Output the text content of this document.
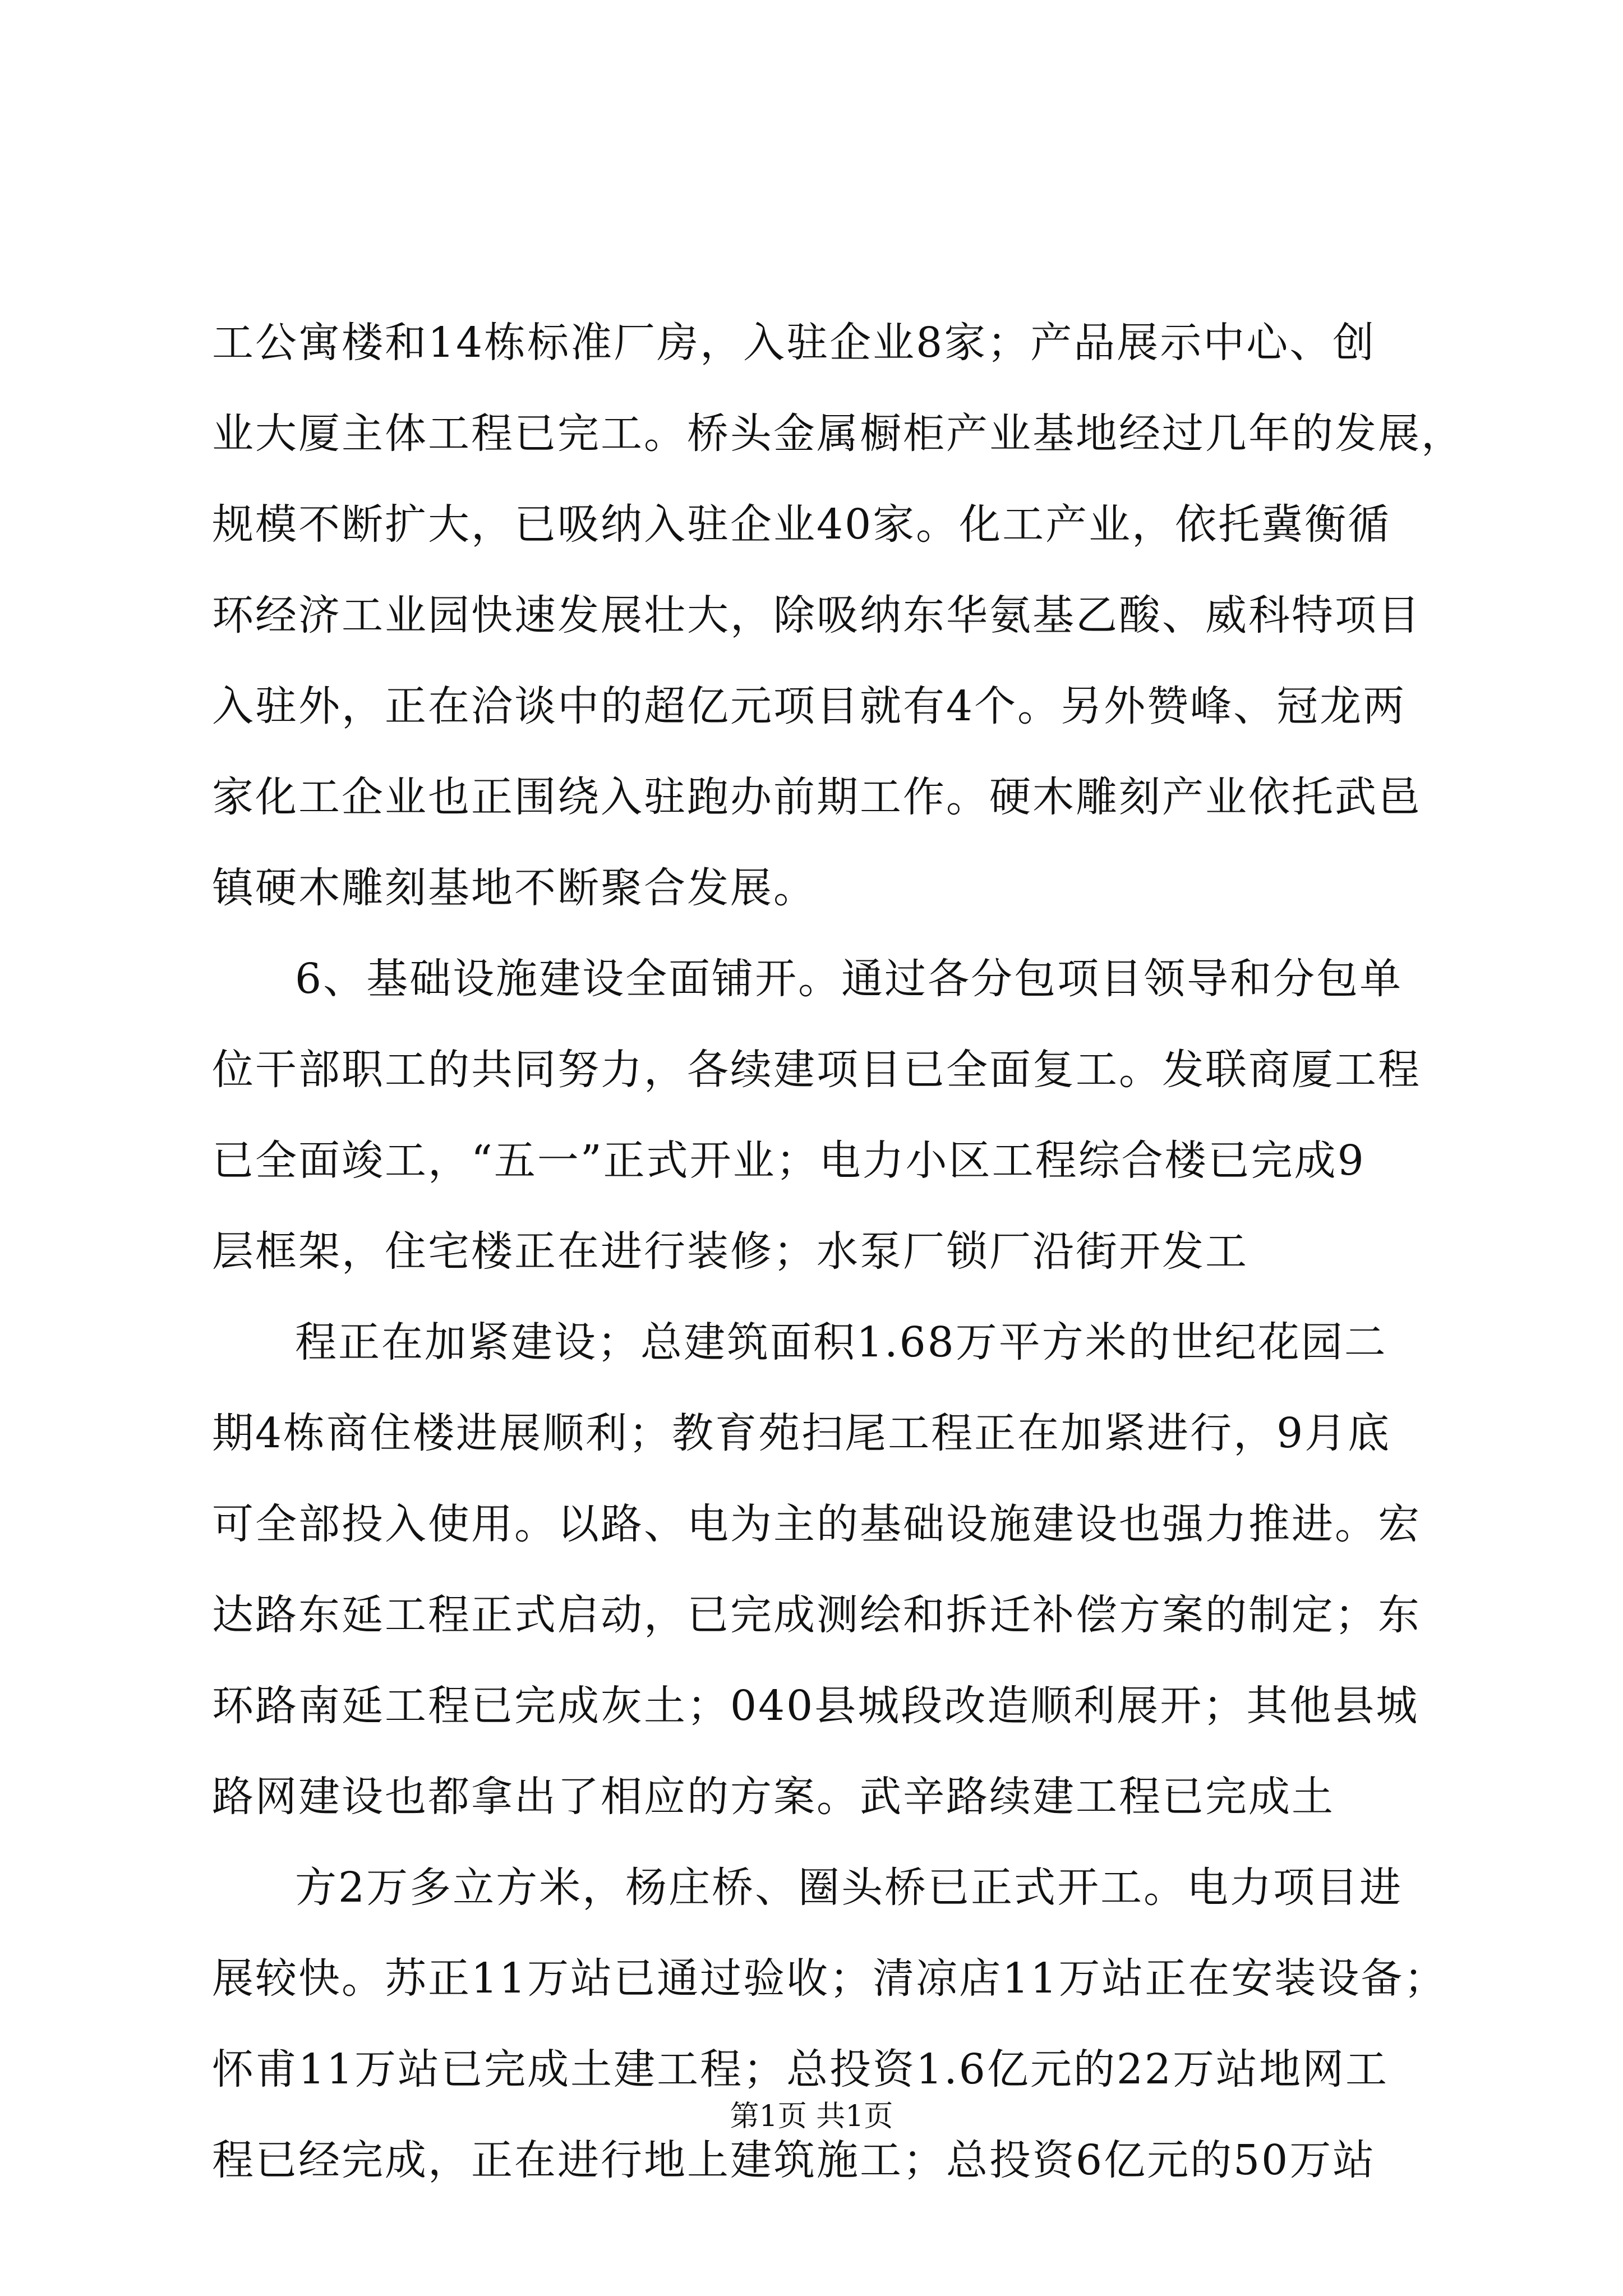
工公寓楼和14栋标准厂房，入驻企业8家；产品展示中心、创
业大厦主体工程已完工。桥头金属橱柜产业基地经过几年的发展，
规模不断扩大，已吸纳入驻企业40家。化工产业，依托冀衡循
环经济工业园快速发展壮大，除吸纳东华氨基乙酸、威科特项目
入驻外，正在洽谈中的超亿元项目就有4个。另外赞峰、冠龙两
家化工企业也正围绕入驻跑办前期工作。硬木雕刻产业依托武邑
镇硬木雕刻基地不断聚合发展。
6、基础设施建设全面铺开。通过各分包项目领导和分包单
位干部职工的共同努力，各续建项目已全面复工。发联商厦工程
已全面竣工，“五一”正式开业；电力小区工程综合楼已完成9
层框架，住宅楼正在进行装修；水泵厂锁厂沿街开发工
程正在加紧建设；总建筑面积1.68万平方米的世纪花园二
期4栋商住楼进展顺利；教育苑扫尾工程正在加紧进行，9月底
可全部投入使用。以路、电为主的基础设施建设也强力推进。宏
达路东延工程正式启动，已完成测绘和拆迁补偿方案的制定；东
环路南延工程已完成灰土；040县城段改造顺利展开；其他县城
路网建设也都拿出了相应的方案。武辛路续建工程已完成土
方2万多立方米，杨庄桥、圈头桥已正式开工。电力项目进
展较快。苏正11万站已通过验收；清凉店11万站正在安装设备；
怀甫11万站已完成土建工程；总投资1.6亿元的22万站地网工
程已经完成，正在进行地上建筑施工；总投资6亿元的50万站
第1页 共1页
